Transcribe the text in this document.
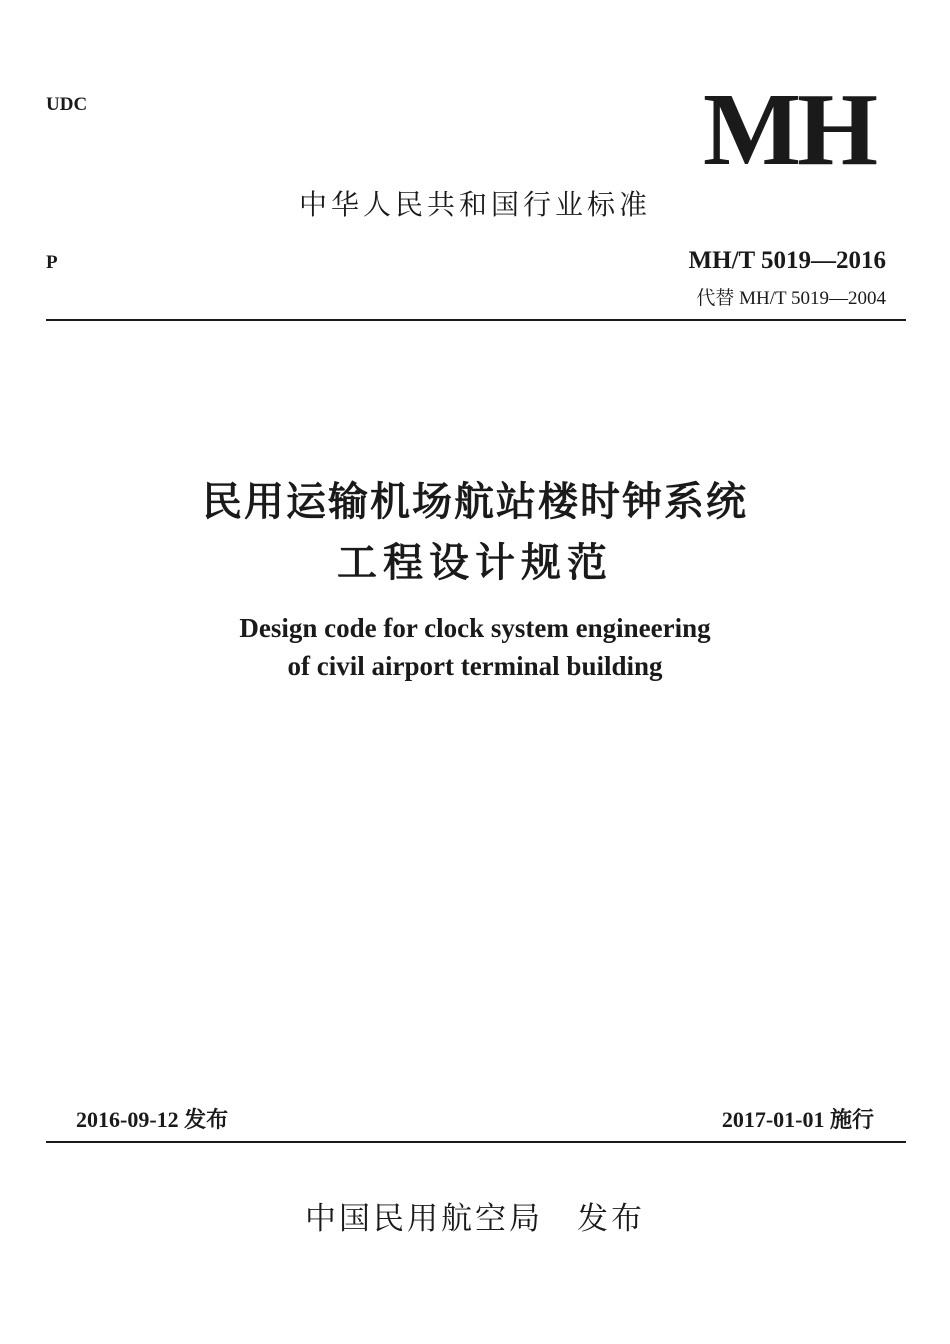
UDC	MH
中华人民共和国行业标准
P	MH/T 5019—2016
代替 MH/T 5019—2004
民用运输机场航站楼时钟系统
工程设计规范
Design code for clock system engineering
of civil airport terminal building
2016-09-12 发布	2017-01-01 施行
中国民用航空局　发布
